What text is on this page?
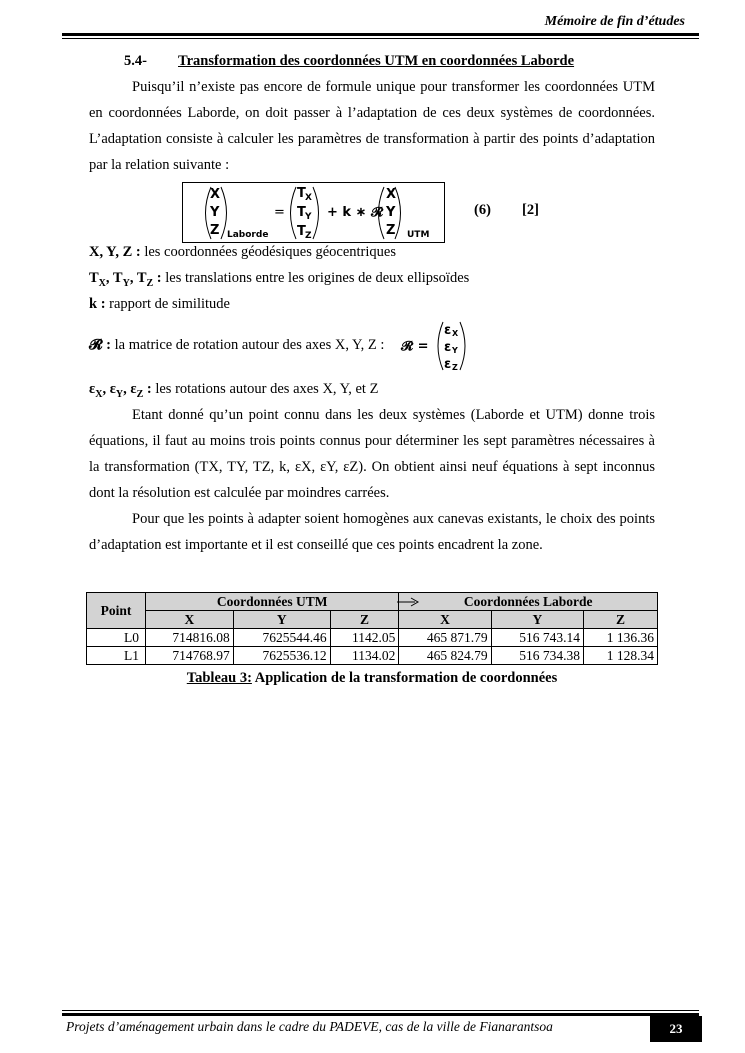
Mémoire de fin d’études
5.4- Transformation des coordonnées UTM en coordonnées Laborde

Puisqu’il n’existe pas encore de formule unique pour transformer les coordonnées UTM en coordonnées Laborde, on doit passer à l’adaptation de ces deux systèmes de coordonnées. L’adaptation consiste à calculer les paramètres de transformation à partir des points d’adaptation par la relation suivante :

X
Y
Z Laborde
=
T X
T Y
T Z
+ k ∗ 𝓡
X
Y
Z UTM
(6) [2]
X, Y, Z : les coordonnées géodésiques géocentriques
$T_X$, $T_Y$, $T_Z$ : les translations entre les origines de deux ellipsoïdes
k : rapport de similitude
𝓡 : la matrice de rotation autour des axes X, Y, Z : 𝓡 =
ε X
ε Y
ε Z
$\varepsilon_X$, $\varepsilon_Y$, $\varepsilon_Z$ : les rotations autour des axes X, Y, et Z

Etant donné qu’un point connu dans les deux systèmes (Laborde et UTM) donne trois équations, il faut au moins trois points connus pour déterminer les sept paramètres nécessaires à la transformation (TX, TY, TZ, k, εX, εY, εZ). On obtient ainsi neuf équations à sept inconnus dont la résolution est calculée par moindres carrées.

Pour que les points à adapter soient homogènes aux canevas existants, le choix des points d’adaptation est importante et il est conseillé que ces points encadrent la zone.

Point	Coordonnées UTM			Coordonnées Laborde		
	X	Y	Z	X	Y	Z
L0	714816.08	7625544.46	1142.05	465 871.79	516 743.14	1 136.36
L1	714768.97	7625536.12	1134.02	465 824.79	516 734.38	1 128.34
Tableau 3: Application de la transformation de coordonnées
Projets d’aménagement urbain dans le cadre du PADEVE, cas de la ville de Fianarantsoa	23
